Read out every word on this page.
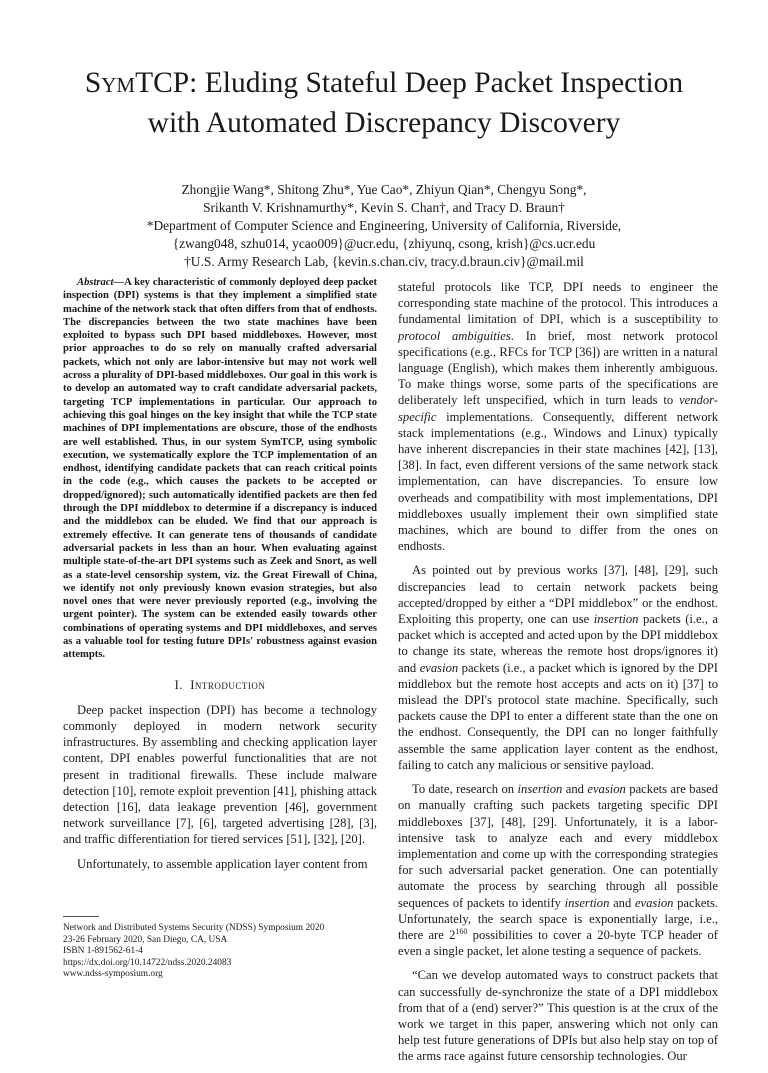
SymTCP: Eluding Stateful Deep Packet Inspection
with Automated Discrepancy Discovery
Zhongjie Wang*, Shitong Zhu*, Yue Cao*, Zhiyun Qian*, Chengyu Song*,
Srikanth V. Krishnamurthy*, Kevin S. Chan†, and Tracy D. Braun†
*Department of Computer Science and Engineering, University of California, Riverside,
{zwang048, szhu014, ycao009}@ucr.edu, {zhiyunq, csong, krish}@cs.ucr.edu
†U.S. Army Research Lab, {kevin.s.chan.civ, tracy.d.braun.civ}@mail.mil

Abstract—A key characteristic of commonly deployed deep packet inspection (DPI) systems is that they implement a simplified state machine of the network stack that often differs from that of endhosts. The discrepancies between the two state machines have been exploited to bypass such DPI based middleboxes. However, most prior approaches to do so rely on manually crafted adversarial packets, which not only are labor-intensive but may not work well across a plurality of DPI-based middleboxes. Our goal in this work is to develop an automated way to craft candidate adversarial packets, targeting TCP implementations in particular. Our approach to achieving this goal hinges on the key insight that while the TCP state machines of DPI implementations are obscure, those of the endhosts are well established. Thus, in our system SymTCP, using symbolic execution, we systematically explore the TCP implementation of an endhost, identifying candidate packets that can reach critical points in the code (e.g., which causes the packets to be accepted or dropped/ignored); such automatically identified packets are then fed through the DPI middlebox to determine if a discrepancy is induced and the middlebox can be eluded. We find that our approach is extremely effective. It can generate tens of thousands of candidate adversarial packets in less than an hour. When evaluating against multiple state-of-the-art DPI systems such as Zeek and Snort, as well as a state-level censorship system, viz. the Great Firewall of China, we identify not only previously known evasion strategies, but also novel ones that were never previously reported (e.g., involving the urgent pointer). The system can be extended easily towards other combinations of operating systems and DPI middleboxes, and serves as a valuable tool for testing future DPIs' robustness against evasion attempts.

I. Introduction

Deep packet inspection (DPI) has become a technology commonly deployed in modern network security infrastructures. By assembling and checking application layer content, DPI enables powerful functionalities that are not present in traditional firewalls. These include malware detection [10], remote exploit prevention [41], phishing attack detection [16], data leakage prevention [46], government network surveillance [7], [6], targeted advertising [28], [3], and traffic differentiation for tiered services [51], [32], [20].

Unfortunately, to assemble application layer content from

stateful protocols like TCP, DPI needs to engineer the corresponding state machine of the protocol. This introduces a fundamental limitation of DPI, which is a susceptibility to protocol ambiguities. In brief, most network protocol specifications (e.g., RFCs for TCP [36]) are written in a natural language (English), which makes them inherently ambiguous. To make things worse, some parts of the specifications are deliberately left unspecified, which in turn leads to vendor-specific implementations. Consequently, different network stack implementations (e.g., Windows and Linux) typically have inherent discrepancies in their state machines [42], [13], [38]. In fact, even different versions of the same network stack implementation, can have discrepancies. To ensure low overheads and compatibility with most implementations, DPI middleboxes usually implement their own simplified state machines, which are bound to differ from the ones on endhosts.

As pointed out by previous works [37], [48], [29], such discrepancies lead to certain network packets being accepted/dropped by either a “DPI middlebox” or the endhost. Exploiting this property, one can use insertion packets (i.e., a packet which is accepted and acted upon by the DPI middlebox to change its state, whereas the remote host drops/ignores it) and evasion packets (i.e., a packet which is ignored by the DPI middlebox but the remote host accepts and acts on it) [37] to mislead the DPI's protocol state machine. Specifically, such packets cause the DPI to enter a different state than the one on the endhost. Consequently, the DPI can no longer faithfully assemble the same application layer content as the endhost, failing to catch any malicious or sensitive payload.

To date, research on insertion and evasion packets are based on manually crafting such packets targeting specific DPI middleboxes [37], [48], [29]. Unfortunately, it is a labor-intensive task to analyze each and every middlebox implementation and come up with the corresponding strategies for such adversarial packet generation. One can potentially automate the process by searching through all possible sequences of packets to identify insertion and evasion packets. Unfortunately, the search space is exponentially large, i.e., there are $2^{160}$ possibilities to cover a 20-byte TCP header of even a single packet, let alone testing a sequence of packets.

“Can we develop automated ways to construct packets that can successfully de-synchronize the state of a DPI middlebox from that of a (end) server?” This question is at the crux of the work we target in this paper, answering which not only can help test future generations of DPIs but also help stay on top of the arms race against future censorship technologies. Our

Network and Distributed Systems Security (NDSS) Symposium 2020
23-26 February 2020, San Diego, CA, USA
ISBN 1-891562-61-4
https://dx.doi.org/10.14722/ndss.2020.24083
www.ndss-symposium.org
